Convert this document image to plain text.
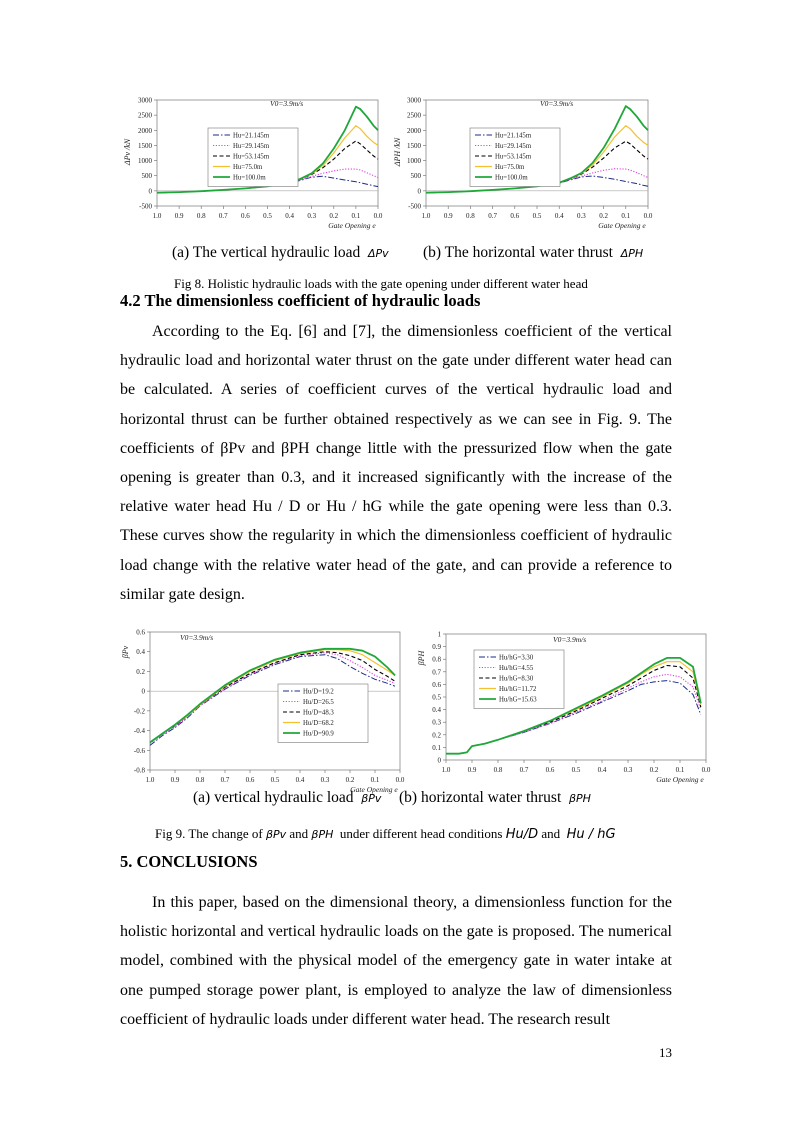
1.0 0.9 0.8 0.7 0.6 0.5 0.4 0.3 0.2 0.1 0.0
-500
0
500
1000
1500
2000
2500
3000
Gate Opening e
ΔPv /kN
V0=3.9m/s
Hu=21.145m
Hu=29.145m
Hu=53.145m
Hu=75.0m
Hu=100.0m
1.0 0.9 0.8 0.7 0.6 0.5 0.4 0.3 0.2 0.1 0.0
-500
0
500
1000
1500
2000
2500
3000
Gate Opening e
ΔPH /kN
V0=3.9m/s
Hu=21.145m
Hu=29.145m
Hu=53.145m
Hu=75.0m
Hu=100.0m
(a) The vertical hydraulic load ΔPv (b) The horizontal water thrust ΔPH
Fig 8. Holistic hydraulic loads with the gate opening under different water head
4.2 The dimensionless coefficient of hydraulic loads

According to the Eq. [6] and [7], the dimensionless coefficient of the vertical hydraulic load and horizontal water thrust on the gate under different water head can be calculated. A series of coefficient curves of the vertical hydraulic load and horizontal thrust can be further obtained respectively as we can see in Fig. 9. The coefficients of βPv and βPH change little with the pressurized flow when the gate opening is greater than 0.3, and it increased significantly with the increase of the relative water head Hu / D or Hu / hG while the gate opening were less than 0.3. These curves show the regularity in which the dimensionless coefficient of hydraulic load change with the relative water head of the gate, and can provide a reference to similar gate design.

1.0 0.9 0.8 0.7 0.6 0.5 0.4 0.3 0.2 0.1 0.0
-0.8
-0.6
-0.4
-0.2
0
0.2
0.4
0.6
Gate Opening e
βPv
V0=3.9m/s
Hu/D=19.2
Hu/D=26.5
Hu/D=48.3
Hu/D=68.2
Hu/D=90.9
1.0 0.9 0.8 0.7 0.6 0.5 0.4 0.3 0.2 0.1 0.0
0
0.1
0.2
0.3
0.4
0.5
0.6
0.7
0.8
0.9
1
Gate Opening e
βPH
V0=3.9m/s
Hu/hG=3.30
Hu/hG=4.55
Hu/hG=8.30
Hu/hG=11.72
Hu/hG=15.63
(a) vertical hydraulic load βPv (b) horizontal water thrust βPH
Fig 9. The change of βPv and βPH under different head conditions Hu/D and Hu / hG
5. CONCLUSIONS

In this paper, based on the dimensional theory, a dimensionless function for the holistic horizontal and vertical hydraulic loads on the gate is proposed. The numerical model, combined with the physical model of the emergency gate in water intake at one pumped storage power plant, is employed to analyze the law of dimensionless coefficient of hydraulic loads under different water head. The research result

13
